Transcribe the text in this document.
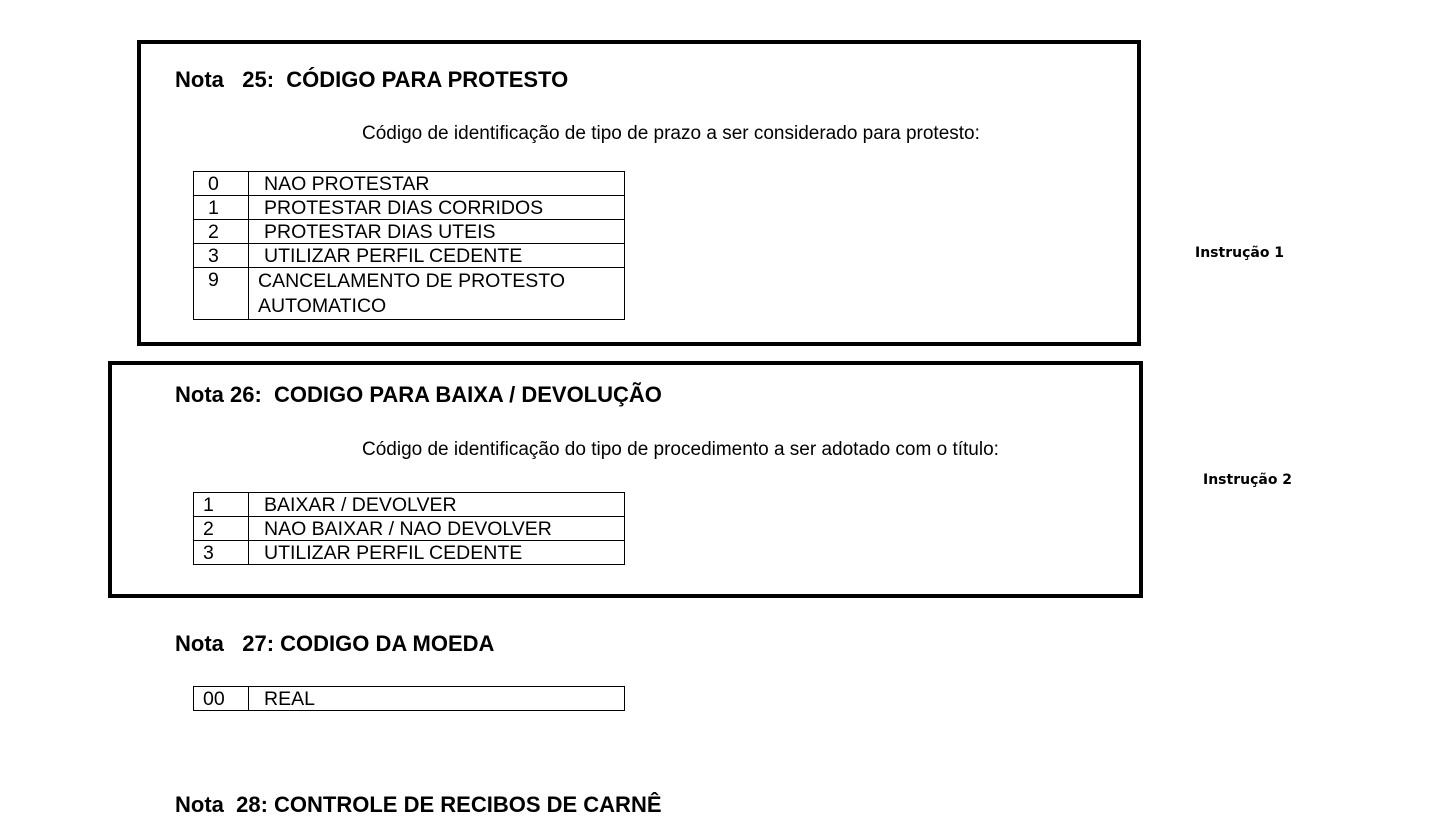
Nota   25:  CÓDIGO PARA PROTESTO
Código de identificação de tipo de prazo a ser considerado para protesto:
0	NAO PROTESTAR
1	PROTESTAR DIAS CORRIDOS
2	PROTESTAR DIAS UTEIS
3	UTILIZAR PERFIL CEDENTE
9	CANCELAMENTO DE PROTESTO
AUTOMATICO
Instrução 1
Nota 26:  CODIGO PARA BAIXA / DEVOLUÇÃO
Código de identificação do tipo de procedimento a ser adotado com o título:
1	BAIXAR / DEVOLVER
2	NAO BAIXAR / NAO DEVOLVER
3	UTILIZAR PERFIL CEDENTE
Instrução 2
Nota   27: CODIGO DA MOEDA
00	REAL
Nota  28: CONTROLE DE RECIBOS DE CARNÊ
